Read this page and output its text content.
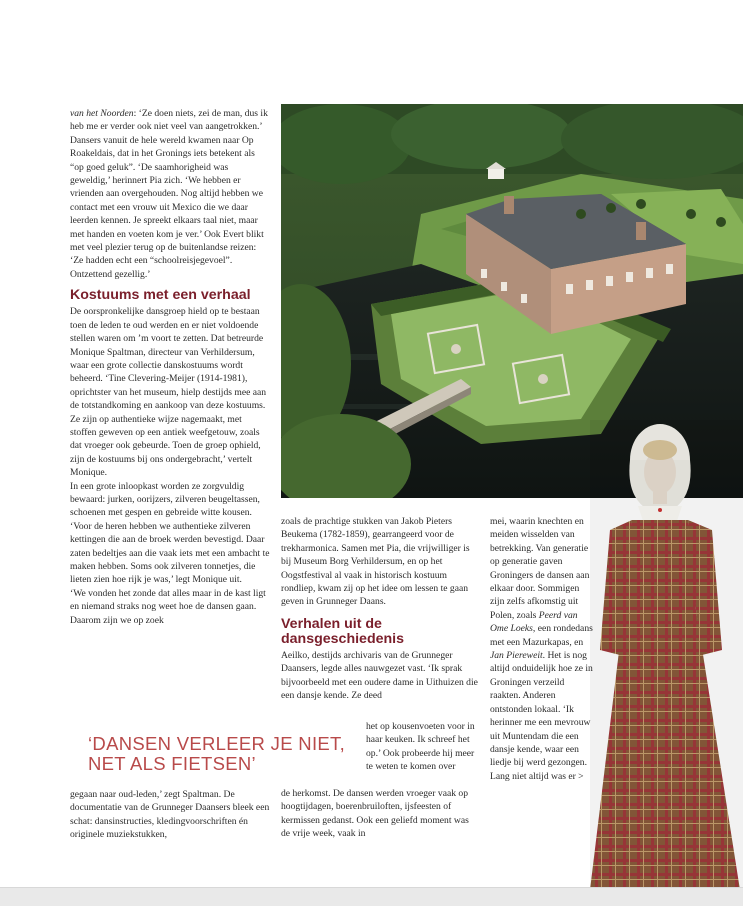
van het Noorden: ‘Ze doen niets, zei de man, dus ik heb me er verder ook niet veel van aangetrokken.’

Dansers vanuit de hele wereld kwamen naar Op Roakeldais, dat in het Gronings iets betekent als “op goed geluk”. ‘De saamhorigheid was geweldig,’ herinnert Pia zich. ‘We hebben er vrienden aan overgehouden. Nog altijd hebben we contact met een vrouw uit Mexico die we daar leerden kennen. Je spreekt elkaars taal niet, maar met handen en voeten kom je ver.’ Ook Evert blikt met veel plezier terug op de buitenlandse reizen: ‘Ze hadden echt een “schoolreisjegevoel”. Ontzettend gezellig.’

Kostuums met een verhaal

De oorspronkelijke dansgroep hield op te bestaan toen de leden te oud werden en er niet voldoende stellen waren om ’m voort te zetten. Dat betreurde Monique Spaltman, directeur van Verhildersum, waar een grote collectie danskostuums wordt beheerd. ‘Tine Clevering-Meijer (1914-1981), oprichtster van het museum, hielp destijds mee aan de totstandkoming en aankoop van deze kostuums. Ze zijn op authentieke wijze nagemaakt, met stoffen geweven op een antiek weefgetouw, zoals dat vroeger ook gebeurde. Toen de groep ophield, zijn de kostuums bij ons ondergebracht,’ vertelt Monique.

In een grote inloopkast worden ze zorgvuldig bewaard: jurken, oorijzers, zilveren beugeltassen, schoenen met gespen en gebreide witte kousen. ‘Voor de heren hebben we authentieke zilveren kettingen die aan de broek werden bevestigd. Daar zaten bedeltjes aan die vaak iets met een ambacht te maken hebben. Soms ook zilveren tonnetjes, die lieten zien hoe rijk je was,’ legt Monique uit.

‘We vonden het zonde dat alles maar in de kast ligt en niemand straks nog weet hoe de dansen gaan. Daarom zijn we op zoek

‘DANSEN VERLEER JE NIET, NET ALS FIETSEN’

gegaan naar oud-leden,’ zegt Spaltman. De documentatie van de Grunneger Daansers bleek een schat: dansinstructies, kledingvoorschriften én originele muziekstukken,

zoals de prachtige stukken van Jakob Pieters Beukema (1782-1859), gearrangeerd voor de trekharmonica. Samen met Pia, die vrijwilliger is bij Museum Borg Verhildersum, en op het Oogstfestival al vaak in historisch kostuum rondliep, kwam zij op het idee om lessen te gaan geven in Grunneger Daans.

Verhalen uit de dansgeschiedenis

Aeilko, destijds archivaris van de Grunneger Daansers, legde alles nauwgezet vast. ‘Ik sprak bijvoorbeeld met een oudere dame in Uithuizen die een dansje kende. Ze deed

het op kousenvoeten voor in haar keuken. Ik schreef het op.’ Ook probeerde hij meer te weten te komen over

de herkomst. De dansen werden vroeger vaak op hoogtijdagen, boerenbruiloften, ijsfeesten of kermissen gedanst. Ook een geliefd moment was de vrije week, vaak in

mei, waarin knechten en meiden wisselden van betrekking. Van generatie op generatie gaven Groningers de dansen aan elkaar door. Sommigen zijn zelfs afkomstig uit Polen, zoals Peerd van Ome Loeks, een rondedans met een Mazurkapas, en Jan Piereweit. Het is nog altijd onduidelijk hoe ze in Groningen verzeild raakten. Anderen ontstonden lokaal. ‘Ik herinner me een mevrouw uit Muntendam die een dansje kende, waar een liedje bij werd gezongen. Lang niet altijd was er >
